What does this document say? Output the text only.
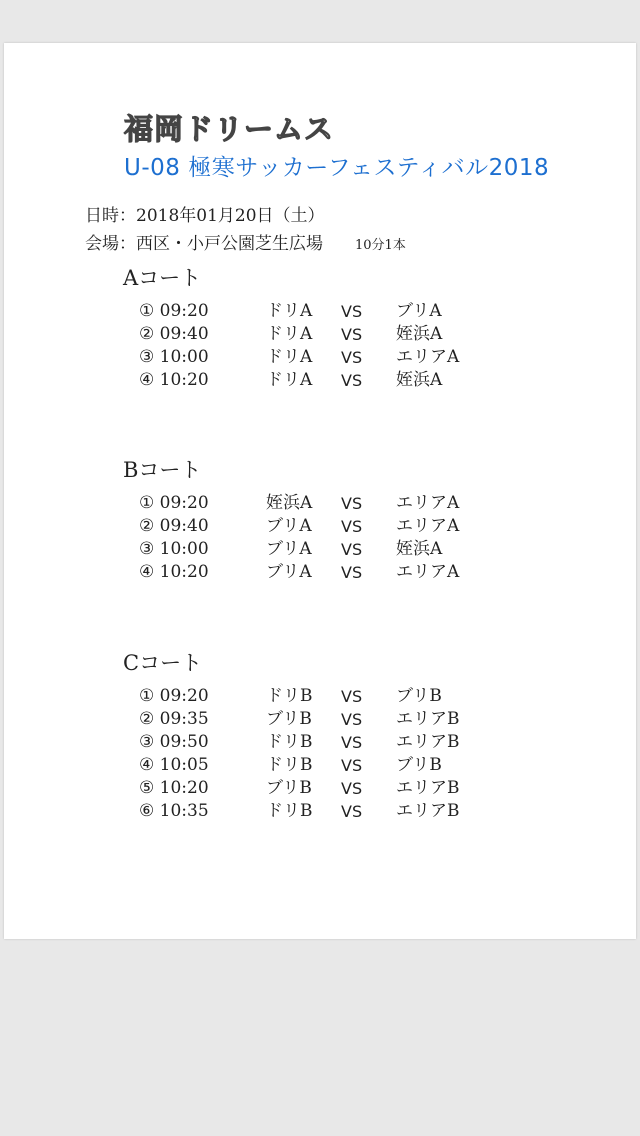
福岡ドリームス
U-08 極寒サッカーフェスティバル2018
日時：2018年01月20日（土）
会場：西区・小戸公園芝生広場 10分1本
Aコート
① 09:20	ドリA VS ブリA
② 09:40	ドリA VS 姪浜A
③ 10:00	ドリA VS エリアA
④ 10:20	ドリA VS 姪浜A
Bコート
① 09:20	姪浜A VS エリアA
② 09:40	ブリA VS エリアA
③ 10:00	ブリA VS 姪浜A
④ 10:20	ブリA VS エリアA
Cコート
① 09:20	ドリB VS ブリB
② 09:35	ブリB VS エリアB
③ 09:50	ドリB VS エリアB
④ 10:05	ドリB VS ブリB
⑤ 10:20	ブリB VS エリアB
⑥ 10:35	ドリB VS エリアB
